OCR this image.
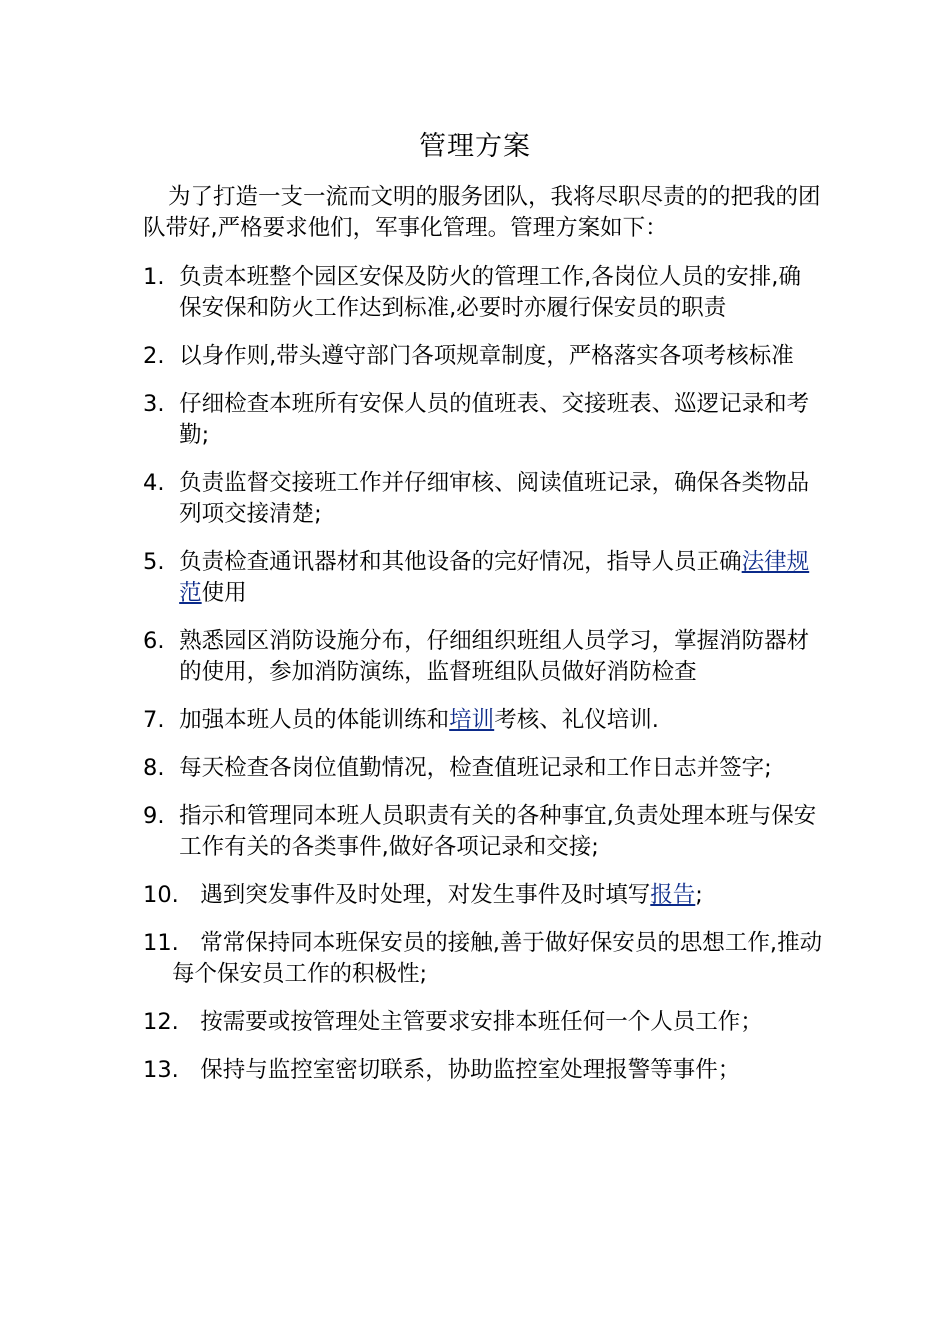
管理方案
为了打造一支一流而文明的服务团队，我将尽职尽责的的把我的团队带好,严格要求他们，军事化管理。管理方案如下：
1.
负责本班整个园区安保及防火的管理工作,各岗位人员的安排,确保安保和防火工作达到标准,必要时亦履行保安员的职责
2.
以身作则,带头遵守部门各项规章制度，严格落实各项考核标准
3.
仔细检查本班所有安保人员的值班表、交接班表、巡逻记录和考勤;
4.
负责监督交接班工作并仔细审核、阅读值班记录，确保各类物品列项交接清楚;
5.
负责检查通讯器材和其他设备的完好情况，指导人员正确法律规范使用
6.
熟悉园区消防设施分布，仔细组织班组人员学习，掌握消防器材的使用，参加消防演练，监督班组队员做好消防检查
7.
加强本班人员的体能训练和培训考核、礼仪培训.
8.
每天检查各岗位值勤情况，检查值班记录和工作日志并签字;
9.
指示和管理同本班人员职责有关的各种事宜,负责处理本班与保安工作有关的各类事件,做好各项记录和交接;
10. 遇到突发事件及时处理，对发生事件及时填写报告;
11. 常常保持同本班保安员的接触,善于做好保安员的思想工作,推动每个保安员工作的积极性;
12. 按需要或按管理处主管要求安排本班任何一个人员工作；
13. 保持与监控室密切联系，协助监控室处理报警等事件；
